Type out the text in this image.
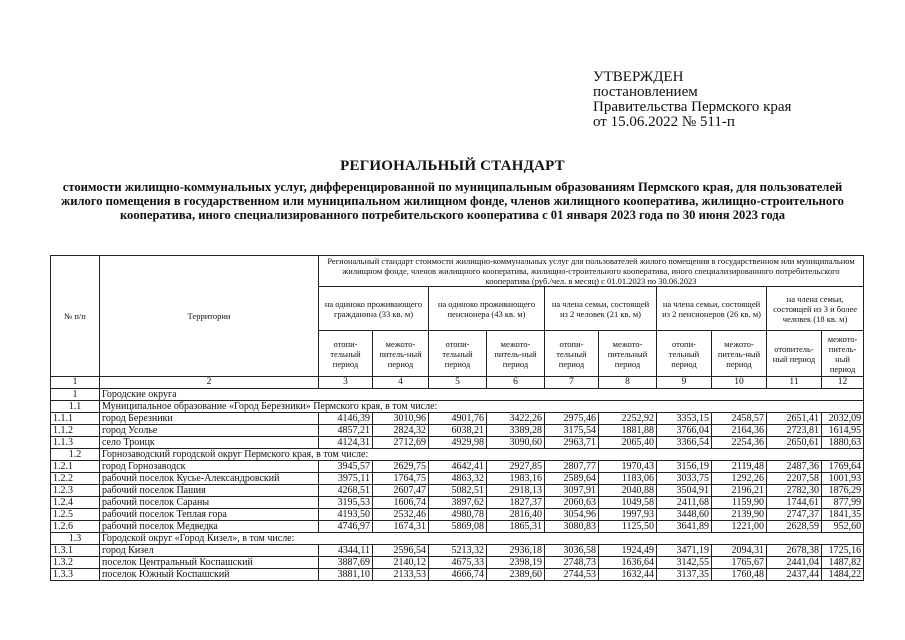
УТВЕРЖДЕН
постановлением
Правительства Пермского края
от 15.06.2022 № 511-п
РЕГИОНАЛЬНЫЙ СТАНДАРТ
стоимости жилищно-коммунальных услуг, дифференцированной по муниципальным образованиям Пермского края, для пользователей жилого помещения в государственном или муниципальном жилищном фонде, членов жилищного кооператива, жилищно-строительного кооператива, иного специализированного потребительского кооператива с 01 января 2023 года по 30 июня 2023 года
№ п/п	Территории	Региональный стандарт стоимости жилищно-коммунальных услуг для пользователей жилого помещения в государственном или муниципальном жилищном фонде, членов жилищного кооператива, жилищно-строительного кооператива, иного специализированного потребительского кооператива (руб./чел. в месяц) с 01.01.2023 по 30.06.2023									
		на одиноко проживающего гражданина (33 кв. м)		на одиноко проживающего пенсионера (43 кв. м)		на члена семьи, состоящей из 2 человек (21 кв. м)		на члена семьи, состоящей из 2 пенсионеров (26 кв. м)		на члена семьи, состоящей из 3 и более человек (18 кв. м)	
		отопи-тельный период	межото-питель-ный период	отопи-тельный период	межото-питель-ный период	отопи-тельный период	межото-пительный период	отопи-тельный период	межото-питель-ный период	отопитель-ный период	межото-питель-ный период
1	2	3	4	5	6	7	8	9	10	11	12
1	Городские округа										
1.1	Муниципальное образование «Город Березники» Пермского края, в том числе:										
1.1.1	город Березники	4146,39	3010,96	4901,76	3422,26	2975,46	2252,92	3353,15	2458,57	2651,41	2032,09
1.1.2	город Усолье	4857,21	2824,32	6038,21	3389,28	3175,54	1881,88	3766,04	2164,36	2723,81	1614,95
1.1.3	село Троицк	4124,31	2712,69	4929,98	3090,60	2963,71	2065,40	3366,54	2254,36	2650,61	1880,63
1.2	Горнозаводский городской округ Пермского края, в том числе:										
1.2.1	город Горнозаводск	3945,57	2629,75	4642,41	2927,85	2807,77	1970,43	3156,19	2119,48	2487,36	1769,64
1.2.2	рабочий поселок Кусье-Александровский	3975,11	1764,75	4863,32	1983,16	2589,64	1183,06	3033,75	1292,26	2207,58	1001,93
1.2.3	рабочий поселок Пашия	4268,51	2607,47	5082,51	2918,13	3097,91	2040,88	3504,91	2196,21	2782,30	1876,29
1.2.4	рабочий поселок Сараны	3195,53	1606,74	3897,62	1827,37	2060,63	1049,58	2411,68	1159,90	1744,61	877,99
1.2.5	рабочий поселок Теплая гора	4193,50	2532,46	4980,78	2816,40	3054,96	1997,93	3448,60	2139,90	2747,37	1841,35
1.2.6	рабочий поселок Медведка	4746,97	1674,31	5869,08	1865,31	3080,83	1125,50	3641,89	1221,00	2628,59	952,60
1.3	Городской округ «Город Кизел», в том числе:										
1.3.1	город Кизел	4344,11	2596,54	5213,32	2936,18	3036,58	1924,49	3471,19	2094,31	2678,38	1725,16
1.3.2	поселок Центральный Коспашский	3887,69	2140,12	4675,33	2398,19	2748,73	1636,64	3142,55	1765,67	2441,04	1487,82
1.3.3	поселок Южный Коспашский	3881,10	2133,53	4666,74	2389,60	2744,53	1632,44	3137,35	1760,48	2437,44	1484,22
